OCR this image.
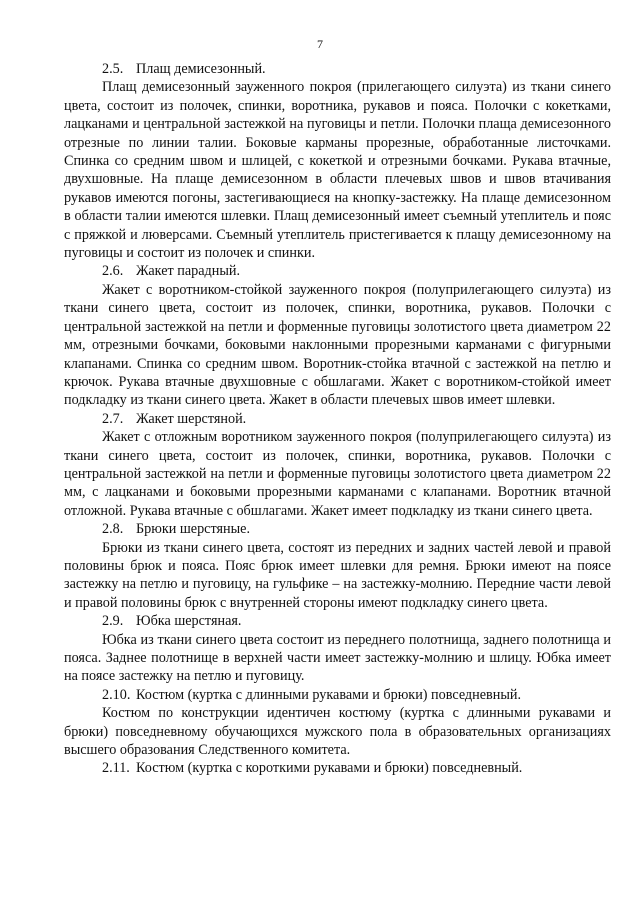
7

2.5. Плащ демисезонный.

Плащ демисезонный зауженного покроя (прилегающего силуэта) из ткани синего цвета, состоит из полочек, спинки, воротника, рукавов и пояса. Полочки с кокетками, лацканами и центральной застежкой на пуговицы и петли. Полочки плаща демисезонного отрезные по линии талии. Боковые карманы прорезные, обработанные листочками. Спинка со средним швом и шлицей, с кокеткой и отрезными бочками. Рукава втачные, двухшовные. На плаще демисезонном в области плечевых швов и швов втачивания рукавов имеются погоны, застегивающиеся на кнопку-застежку. На плаще демисезонном в области талии имеются шлевки. Плащ демисезонный имеет съемный утеплитель и пояс с пряжкой и люверсами. Съемный утеплитель пристегивается к плащу демисезонному на пуговицы и состоит из полочек и спинки.

2.6. Жакет парадный.

Жакет с воротником-стойкой зауженного покроя (полуприлегающего силуэта) из ткани синего цвета, состоит из полочек, спинки, воротника, рукавов. Полочки с центральной застежкой на петли и форменные пуговицы золотистого цвета диаметром 22 мм, отрезными бочками, боковыми наклонными прорезными карманами с фигурными клапанами. Спинка со средним швом. Воротник-стойка втачной с застежкой на петлю и крючок. Рукава втачные двухшовные с обшлагами. Жакет с воротником-стойкой имеет подкладку из ткани синего цвета. Жакет в области плечевых швов имеет шлевки.

2.7. Жакет шерстяной.

Жакет с отложным воротником зауженного покроя (полуприлегающего силуэта) из ткани синего цвета, состоит из полочек, спинки, воротника, рукавов. Полочки с центральной застежкой на петли и форменные пуговицы золотистого цвета диаметром 22 мм, с лацканами и боковыми прорезными карманами с клапанами. Воротник втачной отложной. Рукава втачные с обшлагами. Жакет имеет подкладку из ткани синего цвета.

2.8. Брюки шерстяные.

Брюки из ткани синего цвета, состоят из передних и задних частей левой и правой половины брюк и пояса. Пояс брюк имеет шлевки для ремня. Брюки имеют на поясе застежку на петлю и пуговицу, на гульфике – на застежку-молнию. Передние части левой и правой половины брюк с внутренней стороны имеют подкладку синего цвета.

2.9. Юбка шерстяная.

Юбка из ткани синего цвета состоит из переднего полотнища, заднего полотнища и пояса. Заднее полотнище в верхней части имеет застежку-молнию и шлицу. Юбка имеет на поясе застежку на петлю и пуговицу.

2.10. Костюм (куртка с длинными рукавами и брюки) повседневный.

Костюм по конструкции идентичен костюму (куртка с длинными рукавами и брюки) повседневному обучающихся мужского пола в образовательных организациях высшего образования Следственного комитета.

2.11. Костюм (куртка с короткими рукавами и брюки) повседневный.
